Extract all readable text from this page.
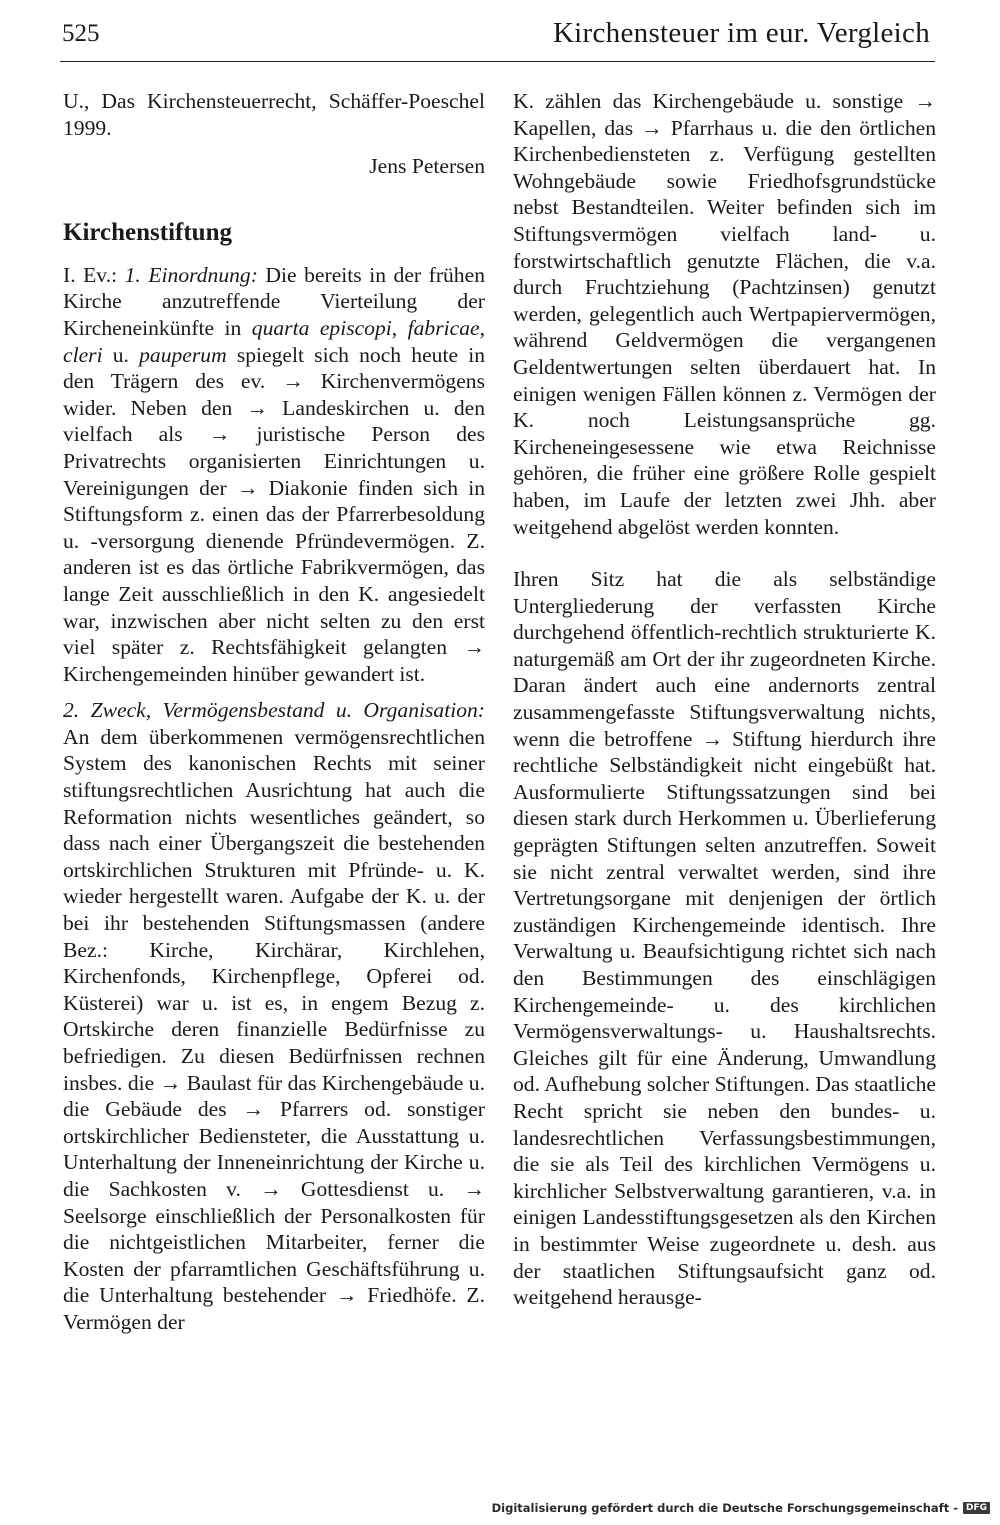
525	Kirchensteuer im eur. Vergleich

U., Das Kirchensteuerrecht, Schäffer-Poeschel 1999.

Jens Petersen

Kirchenstiftung

I. Ev.: 1. Einordnung: Die bereits in der frühen Kirche anzutreffende Vierteilung der Kircheneinkünfte in quarta episcopi, fabricae, cleri u. pauperum spiegelt sich noch heute in den Trägern des ev. → Kirchenvermögens wider. Neben den → Landeskirchen u. den vielfach als → juristische Person des Privatrechts organisierten Einrichtungen u. Vereinigungen der → Diakonie finden sich in Stiftungsform z. einen das der Pfarrerbesoldung u. -versorgung dienende Pfründevermögen. Z. anderen ist es das örtliche Fabrikvermögen, das lange Zeit ausschließlich in den K. angesiedelt war, inzwischen aber nicht selten zu den erst viel später z. Rechtsfähigkeit gelangten → Kirchengemeinden hinüber gewandert ist.

2. Zweck, Vermögensbestand u. Organisation: An dem überkommenen vermögensrechtlichen System des kanonischen Rechts mit seiner stiftungsrechtlichen Ausrichtung hat auch die Reformation nichts wesentliches geändert, so dass nach einer Übergangszeit die bestehenden ortskirchlichen Strukturen mit Pfründe- u. K. wieder hergestellt waren. Aufgabe der K. u. der bei ihr bestehenden Stiftungsmassen (andere Bez.: Kirche, Kirchärar, Kirchlehen, Kirchenfonds, Kirchenpflege, Opferei od. Küsterei) war u. ist es, in engem Bezug z. Ortskirche deren finanzielle Bedürfnisse zu befriedigen. Zu diesen Bedürfnissen rechnen insbes. die → Baulast für das Kirchengebäude u. die Gebäude des → Pfarrers od. sonstiger ortskirchlicher Bediensteter, die Ausstattung u. Unterhaltung der Inneneinrichtung der Kirche u. die Sachkosten v. → Gottesdienst u. → Seelsorge einschließlich der Personalkosten für die nichtgeistlichen Mitarbeiter, ferner die Kosten der pfarramtlichen Geschäftsführung u. die Unterhaltung bestehender → Friedhöfe. Z. Vermögen der

K. zählen das Kirchengebäude u. sonstige → Kapellen, das → Pfarrhaus u. die den örtlichen Kirchenbediensteten z. Verfügung gestellten Wohngebäude sowie Friedhofsgrundstücke nebst Bestandteilen. Weiter befinden sich im Stiftungsvermögen vielfach land- u. forstwirtschaftlich genutzte Flächen, die v.a. durch Fruchtziehung (Pachtzinsen) genutzt werden, gelegentlich auch Wertpapiervermögen, während Geldvermögen die vergangenen Geldentwertungen selten überdauert hat. In einigen wenigen Fällen können z. Vermögen der K. noch Leistungsansprüche gg. Kircheneingesessene wie etwa Reichnisse gehören, die früher eine größere Rolle gespielt haben, im Laufe der letzten zwei Jhh. aber weitgehend abgelöst werden konnten.

Ihren Sitz hat die als selbständige Untergliederung der verfassten Kirche durchgehend öffentlich-rechtlich strukturierte K. naturgemäß am Ort der ihr zugeordneten Kirche. Daran ändert auch eine andernorts zentral zusammengefasste Stiftungsverwaltung nichts, wenn die betroffene → Stiftung hierdurch ihre rechtliche Selbständigkeit nicht eingebüßt hat. Ausformulierte Stiftungssatzungen sind bei diesen stark durch Herkommen u. Überlieferung geprägten Stiftungen selten anzutreffen. Soweit sie nicht zentral verwaltet werden, sind ihre Vertretungsorgane mit denjenigen der örtlich zuständigen Kirchengemeinde identisch. Ihre Verwaltung u. Beaufsichtigung richtet sich nach den Bestimmungen des einschlägigen Kirchengemeinde- u. des kirchlichen Vermögensverwaltungs- u. Haushaltsrechts. Gleiches gilt für eine Änderung, Umwandlung od. Aufhebung solcher Stiftungen. Das staatliche Recht spricht sie neben den bundes- u. landesrechtlichen Verfassungsbestimmungen, die sie als Teil des kirchlichen Vermögens u. kirchlicher Selbstverwaltung garantieren, v.a. in einigen Landesstiftungsgesetzen als den Kirchen in bestimmter Weise zugeordnete u. desh. aus der staatlichen Stiftungsaufsicht ganz od. weitgehend herausge-

Digitalisierung gefördert durch die Deutsche Forschungsgemeinschaft - DFG
